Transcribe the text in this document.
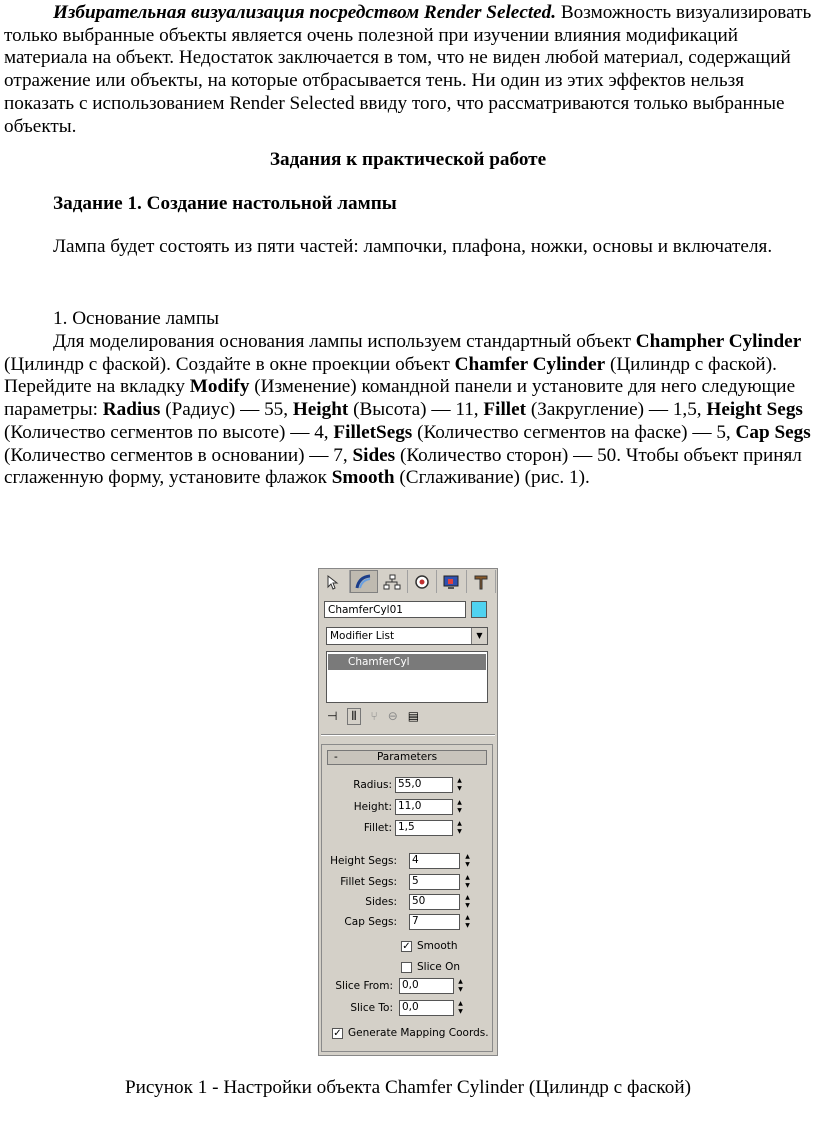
Избирательная визуализация посредством Render Selected. Возможность визуализировать только выбранные объекты является очень полезной при изучении влияния модификаций материала на объект. Недостаток заключается в том, что не виден любой материал, содержащий отражение или объекты, на которые отбрасывается тень. Ни один из этих эффектов нельзя показать с использованием Render Selected ввиду того, что рассматриваются только выбранные объекты.

Задания к практической работе

Задание 1. Создание настольной лампы

Лампа будет состоять из пяти частей: лампочки, плафона, ножки, основы и включателя.

1. Основание лампы

Для моделирования основания лампы используем стандартный объект Champher Cylinder (Цилиндр с фаской). Создайте в окне проекции объект Chamfer Cylinder (Цилиндр с фаской). Перейдите на вкладку Modify (Изменение) командной панели и установите для него следующие параметры: Radius (Радиус) — 55, Height (Высота) — 11, Fillet (Закругление) — 1,5, Height Segs (Количество сегментов по высоте) — 4, FilletSegs (Количество сегментов на фаске) — 5, Cap Segs (Количество сегментов в основании) — 7, Sides (Количество сторон) — 50. Чтобы объект принял сглаженную форму, установите флажок Smooth (Сглаживание) (рис. 1).

ChamferCyl01
Modifier List	▼
ChamferCyl
⊣	⫴	⑂ ⊖ ▤
-	Parameters
Radius: 55,0	▲
▼
Height: 11,0	▲
▼
Fillet: 1,5	▲
▼
Height Segs: 4	▲
▼
Fillet Segs: 5	▲
▼
Sides: 50	▲
▼
Cap Segs: 7	▲
▼
✓ Smooth
Slice On
Slice From: 0,0	▲
▼
Slice To: 0,0	▲
▼
✓ Generate Mapping Coords.

Рисунок 1 - Настройки объекта Chamfer Cylinder (Цилиндр с фаской)
